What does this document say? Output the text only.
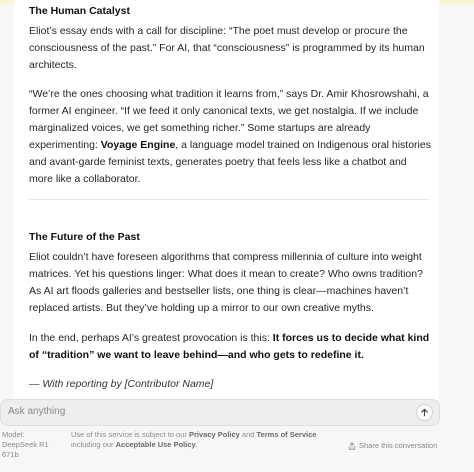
The Human Catalyst

Eliot’s essay ends with a call for discipline: “The poet must develop or procure the consciousness of the past.” For AI, that “consciousness” is programmed by its human architects.

“We’re the ones choosing what tradition it learns from,” says Dr. Amir Khosrowshahi, a former AI engineer. “If we feed it only canonical texts, we get nostalgia. If we include marginalized voices, we get something richer.” Some startups are already experimenting: Voyage Engine, a language model trained on Indigenous oral histories and avant-garde feminist texts, generates poetry that feels less like a chatbot and more like a collaborator.

The Future of the Past

Eliot couldn’t have foreseen algorithms that compress millennia of culture into weight matrices. Yet his questions linger: What does it mean to create? Who owns tradition? As AI art floods galleries and bestseller lists, one thing is clear—machines haven’t replaced artists. But they’ve holding up a mirror to our own creative myths.

In the end, perhaps AI’s greatest provocation is this: It forces us to decide what kind of “tradition” we want to leave behind—and who gets to redefine it.

— With reporting by [Contributor Name]

Ask anything
Model:
DeepSeek R1 671b
Use of this service is subject to our Privacy Policy and Terms of Service including our Acceptable Use Policy.	Share this conversation
